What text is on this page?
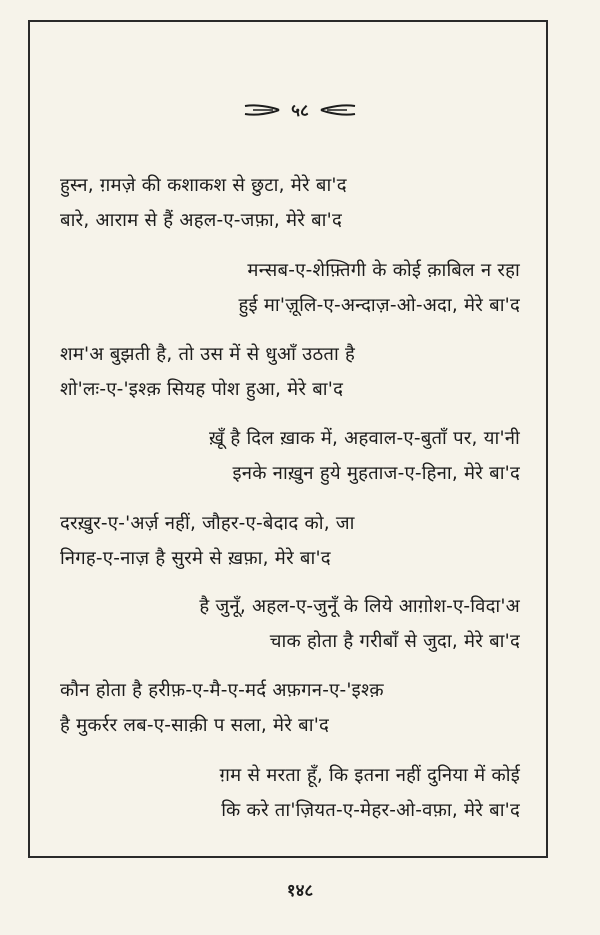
५८
हुस्न, ग़मज़े की कशाकश से छुटा, मेरे बा'द
बारे, आराम से हैं अहल-ए-जफ़ा, मेरे बा'द
मन्सब-ए-शेफ़्तिगी के कोई क़ाबिल न रहा
हुई मा'ज़ूलि-ए-अन्दाज़-ओ-अदा, मेरे बा'द
शम'अ बुझती है, तो उस में से धुआँ उठता है
शो'लः-ए-'इश्क़ सियह पोश हुआ, मेरे बा'द
ख़ूँ है दिल ख़ाक में, अहवाल-ए-बुताँ पर, या'नी
इनके नाख़ुन हुये मुहताज-ए-हिना, मेरे बा'द
दरख़ुर-ए-'अर्ज़ नहीं, जौहर-ए-बेदाद को, जा
निगह-ए-नाज़ है सुरमे से ख़फ़ा, मेरे बा'द
है जुनूँ, अहल-ए-जुनूँ के लिये आग़ोश-ए-विदा'अ
चाक होता है गरीबाँ से जुदा, मेरे बा'द
कौन होता है हरीफ़-ए-मै-ए-मर्द अफ़गन-ए-'इश्क़
है मुकर्रर लब-ए-साक़ी प सला, मेरे बा'द
ग़म से मरता हूँ, कि इतना नहीं दुनिया में कोई
कि करे ता'ज़ियत-ए-मेहर-ओ-वफ़ा, मेरे बा'द
१४८
